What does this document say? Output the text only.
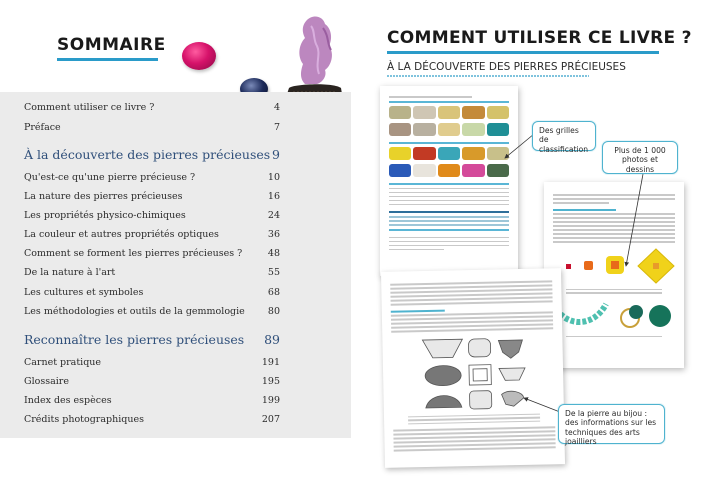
SOMMAIRE
Comment utiliser ce livre ?	4
Préface	7
À la découverte des pierres précieuses 9
Qu'est-ce qu'une pierre précieuse ?	10
La nature des pierres précieuses	16
Les propriétés physico-chimiques	24
La couleur et autres propriétés optiques	36
Comment se forment les pierres précieuses ?	48
De la nature à l'art	55
Les cultures et symboles	68
Les méthodologies et outils de la gemmologie 80
Reconnaître les pierres précieuses 89
Carnet pratique	191
Glossaire	195
Index des espèces	199
Crédits photographiques	207
COMMENT UTILISER CE LIVRE ?
À LA DÉCOUVERTE DES PIERRES PRÉCIEUSES
Des grilles de classification	Plus de 1 000 photos et dessins
De la pierre au bijou : des informations sur les techniques des arts joailliers
